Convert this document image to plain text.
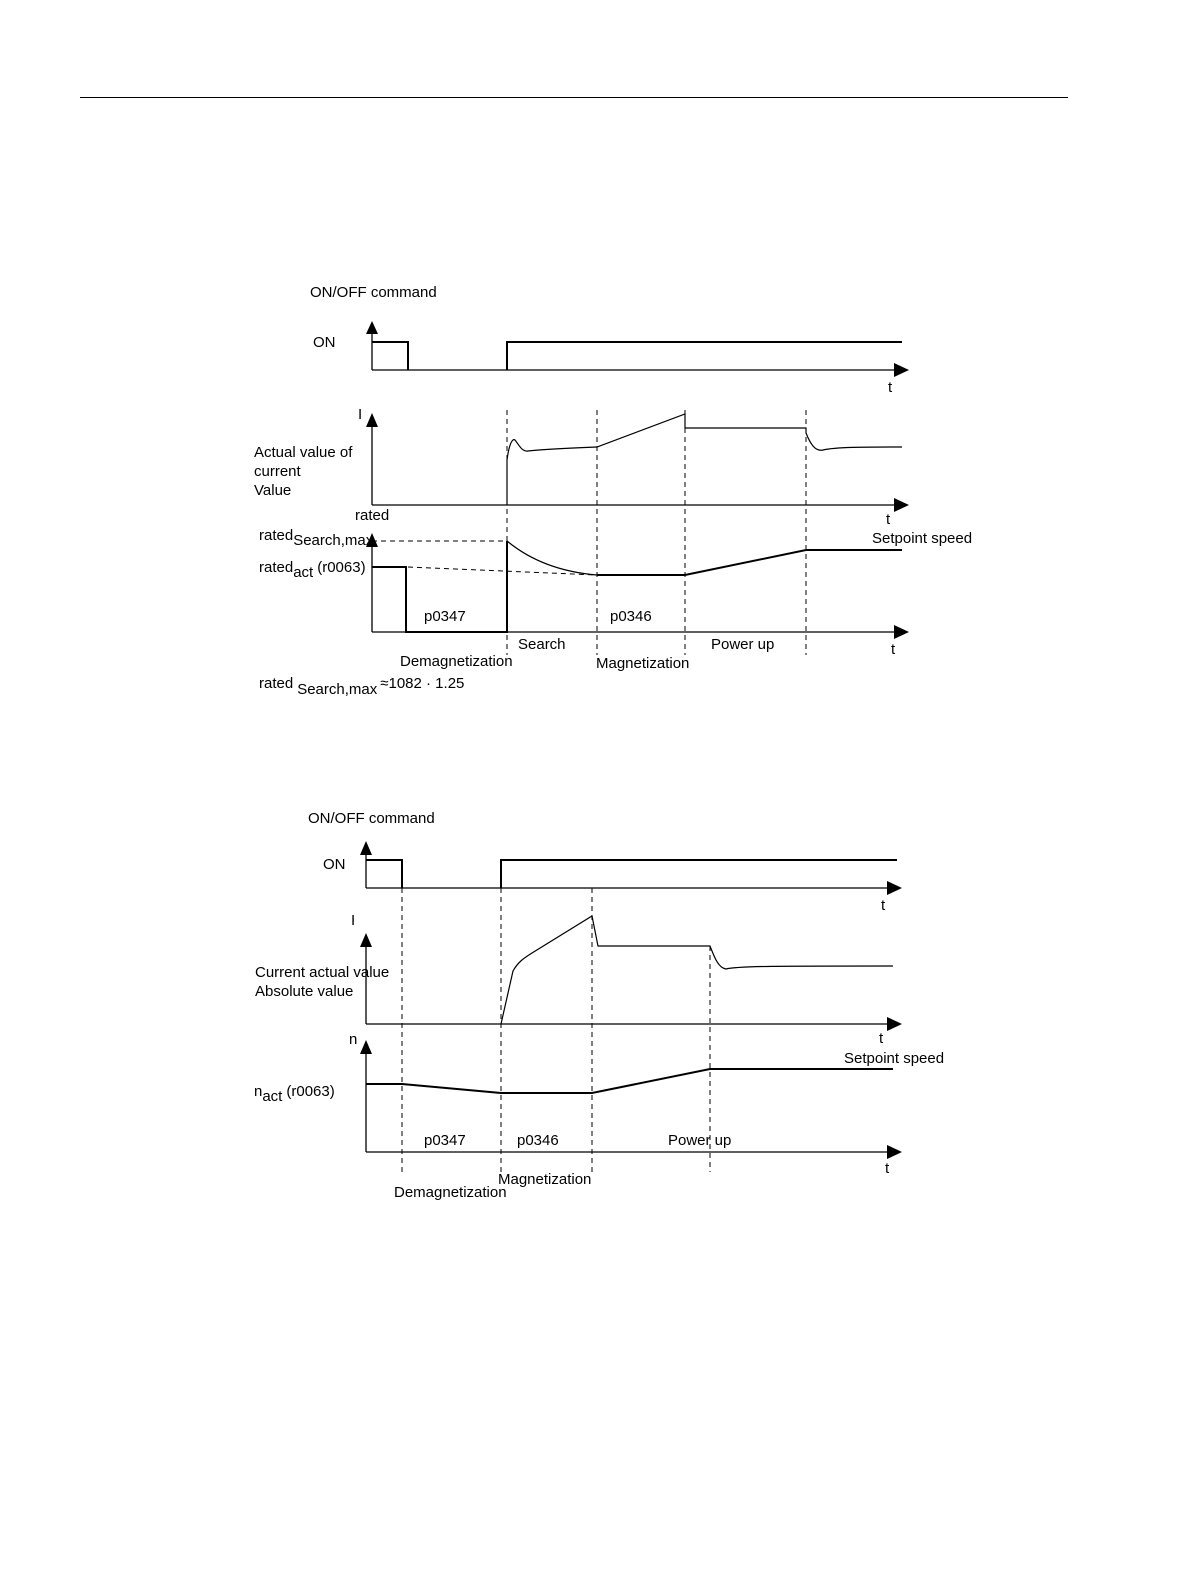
ON/OFF command
ON
t
I
t
Actual value of
current
Value
rated
t
ratedSearch,max
ratedact (r0063)
Setpoint speed
p0347	p0346
Search	Power up
Demagnetization	Magnetization
rated Search,max ≈1082 · 1.25
ON/OFF command
ON
t
I
t
Current actual value
Absolute value
n
t
Setpoint speed
nact (r0063)
p0347	p0346	Power up
Magnetization
Demagnetization
